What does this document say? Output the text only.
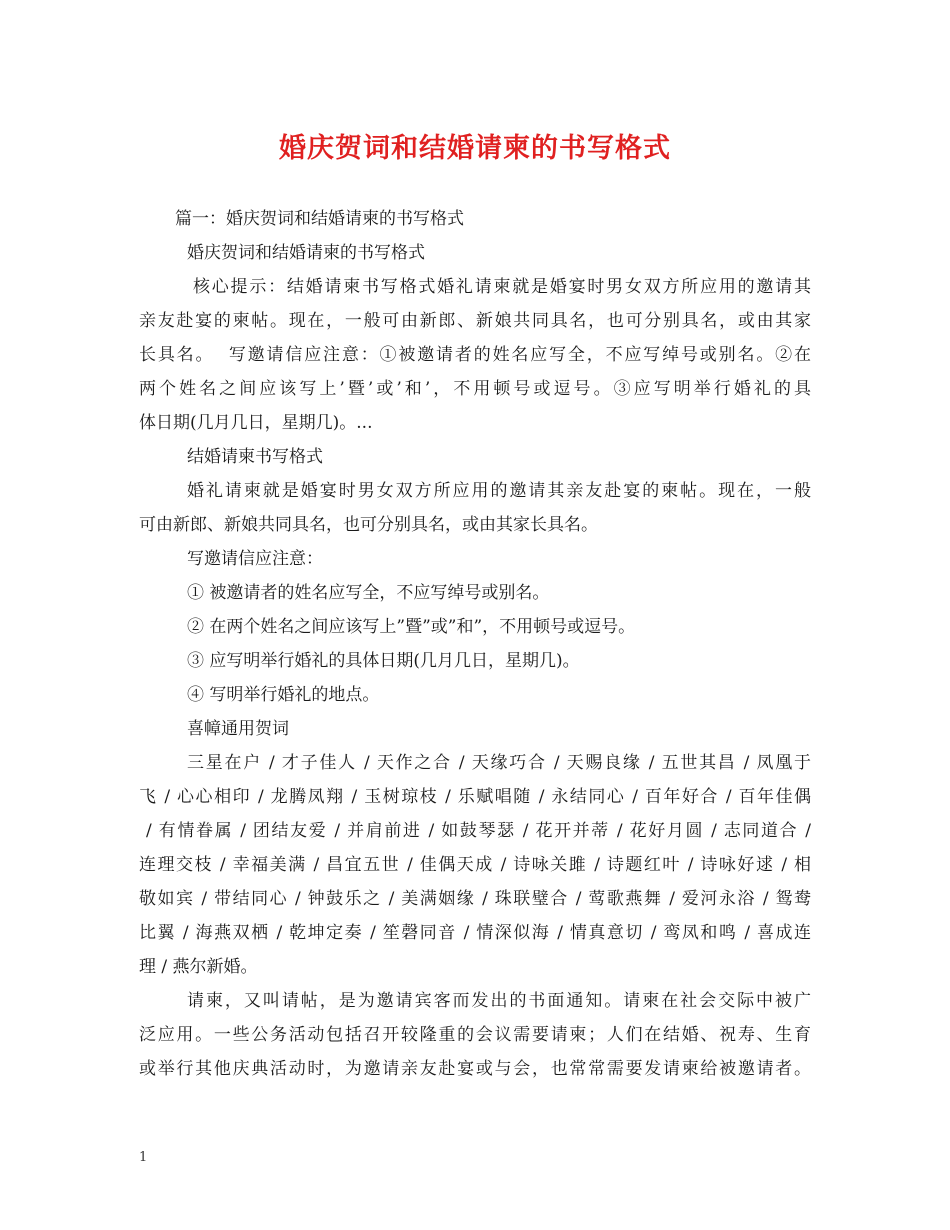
婚庆贺词和结婚请柬的书写格式

篇一：婚庆贺词和结婚请柬的书写格式

婚庆贺词和结婚请柬的书写格式

核心提示：结婚请柬书写格式婚礼请柬就是婚宴时男女双方所应用的邀请其

亲友赴宴的柬帖。现在，一般可由新郎、新娘共同具名，也可分别具名，或由其家

长具名。  写邀请信应注意：①被邀请者的姓名应写全，不应写绰号或别名。②在

两个姓名之间应该写上’暨’或’和’，不用顿号或逗号。③应写明举行婚礼的具

体日期(几月几日，星期几)。...

结婚请柬书写格式

婚礼请柬就是婚宴时男女双方所应用的邀请其亲友赴宴的柬帖。现在，一般

可由新郎、新娘共同具名，也可分别具名，或由其家长具名。

写邀请信应注意：

① 被邀请者的姓名应写全，不应写绰号或别名。

② 在两个姓名之间应该写上”暨”或”和”，不用顿号或逗号。

③ 应写明举行婚礼的具体日期(几月几日，星期几)。

④ 写明举行婚礼的地点。

喜幛通用贺词

三星在户 / 才子佳人 / 天作之合 / 天缘巧合 / 天赐良缘 / 五世其昌 / 凤凰于

飞 / 心心相印 / 龙腾凤翔 / 玉树琼枝 / 乐赋唱随 / 永结同心 / 百年好合 / 百年佳偶

/ 有情眷属 / 团结友爱 / 并肩前进 / 如鼓琴瑟 / 花开并蒂 / 花好月圆 / 志同道合 /

连理交枝 / 幸福美满 / 昌宜五世 / 佳偶天成 / 诗咏关雎 / 诗题红叶 / 诗咏好逑 / 相

敬如宾 / 带结同心 / 钟鼓乐之 / 美满姻缘 / 珠联璧合 / 莺歌燕舞 / 爱河永浴 / 鸳鸯

比翼 / 海燕双栖 / 乾坤定奏 / 笙磬同音 / 情深似海 / 情真意切 / 鸾凤和鸣 / 喜成连

理 / 燕尔新婚。

请柬，又叫请帖，是为邀请宾客而发出的书面通知。请柬在社会交际中被广

泛应用。一些公务活动包括召开较隆重的会议需要请柬；人们在结婚、祝寿、生育

或举行其他庆典活动时，为邀请亲友赴宴或与会，也常常需要发请柬给被邀请者。

1
